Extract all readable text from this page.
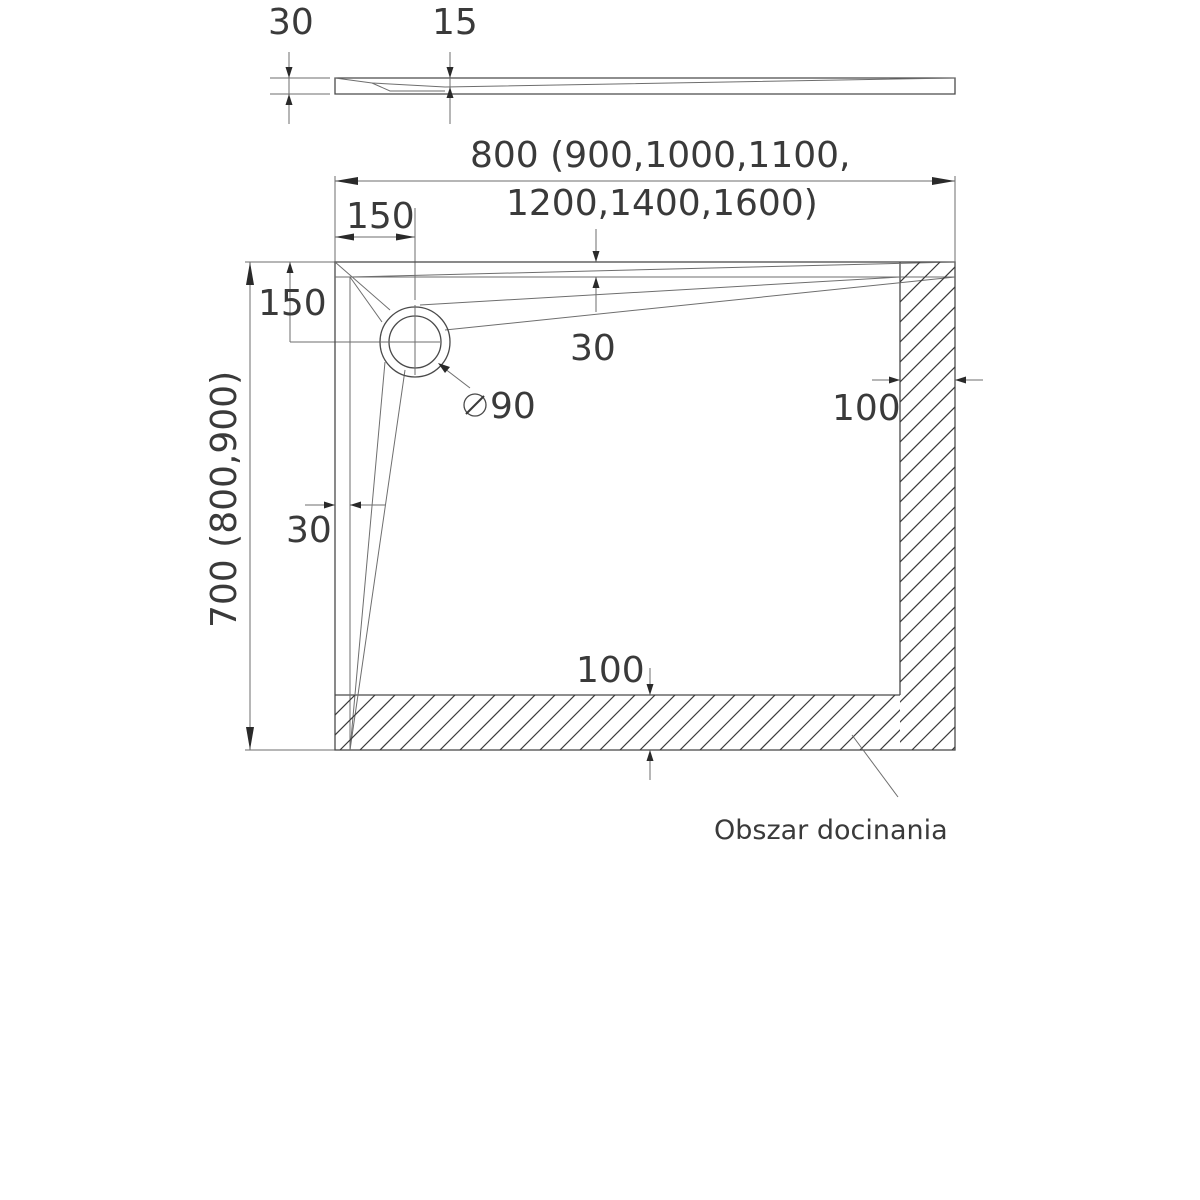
30	15
800 (900,1000,1100,
1200,1400,1600)
150
150
700 (800,900)
30
90	100
30
100
Obszar docinania
